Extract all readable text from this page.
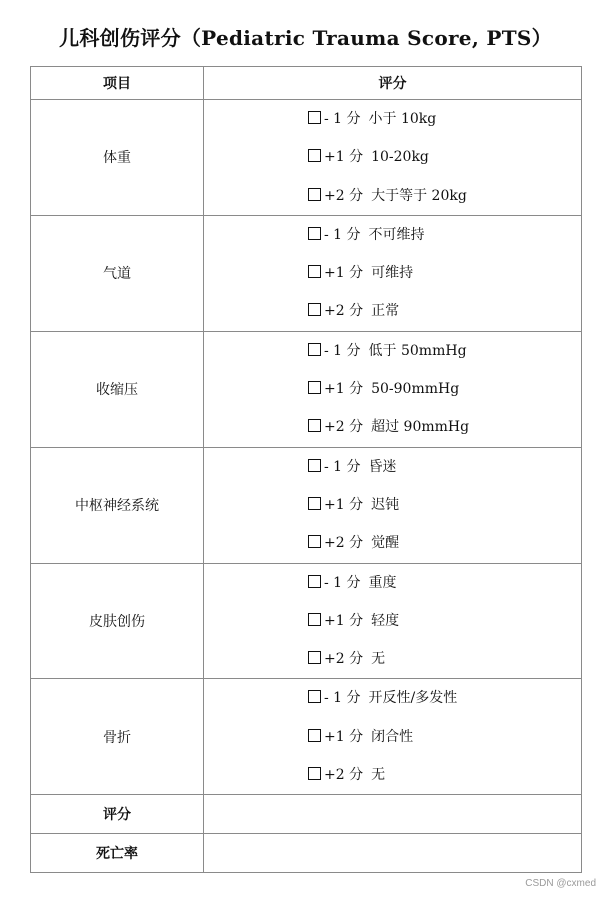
儿科创伤评分（Pediatric Trauma Score, PTS）
项目	评分
体重	- 1 分 小于 10kg
+1 分 10-20kg
+2 分 大于等于 20kg

气道	- 1 分 不可维持
+1 分 可维持
+2 分 正常

收缩压	- 1 分 低于 50mmHg
+1 分 50-90mmHg
+2 分 超过 90mmHg

中枢神经系统	- 1 分 昏迷
+1 分 迟钝
+2 分 觉醒

皮肤创伤	- 1 分 重度
+1 分 轻度
+2 分 无

骨折	- 1 分 开反性/多发性
+1 分 闭合性
+2 分 无

评分	
死亡率	
CSDN @cxmed
